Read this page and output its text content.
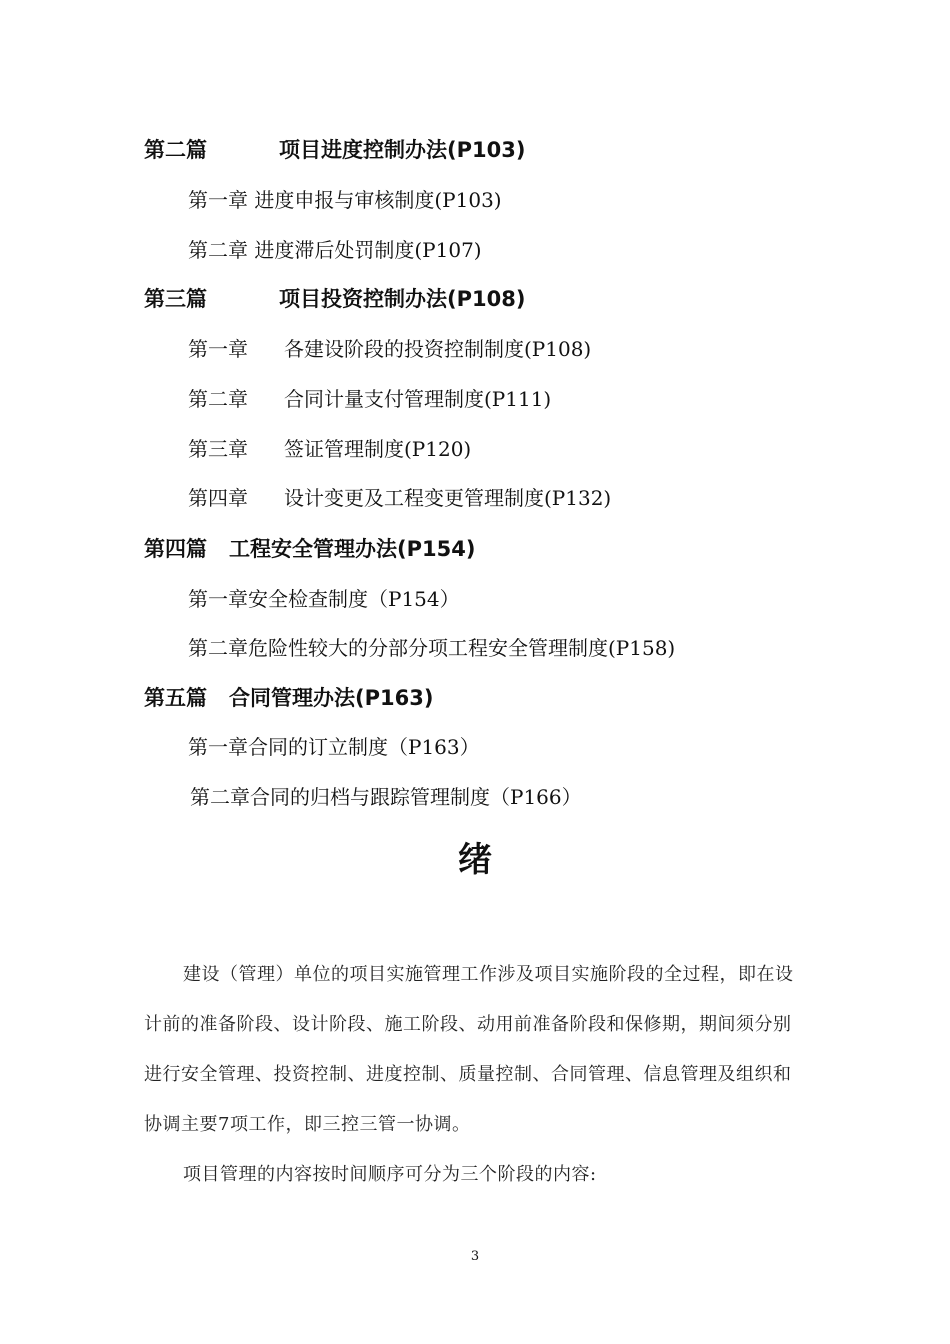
第二篇	项目进度控制办法(P103)
第一章 进度申报与审核制度(P103)
第二章 进度滞后处罚制度(P107)
第三篇	项目投资控制办法(P108)
第一章 各建设阶段的投资控制制度(P108)
第二章 合同计量支付管理制度(P111)
第三章 签证管理制度(P120)
第四章 设计变更及工程变更管理制度(P132)
第四篇 工程安全管理办法(P154)
第一章安全检查制度（P154）
第二章危险性较大的分部分项工程安全管理制度(P158)
第五篇 合同管理办法(P163)
第一章合同的订立制度（P163）
第二章合同的归档与跟踪管理制度（P166）
绪

建设（管理）单位的项目实施管理工作涉及项目实施阶段的全过程，即在设计前的准备阶段、设计阶段、施工阶段、动用前准备阶段和保修期，期间须分别进行安全管理、投资控制、进度控制、质量控制、合同管理、信息管理及组织和协调主要7项工作，即三控三管一协调。

项目管理的内容按时间顺序可分为三个阶段的内容:

3
